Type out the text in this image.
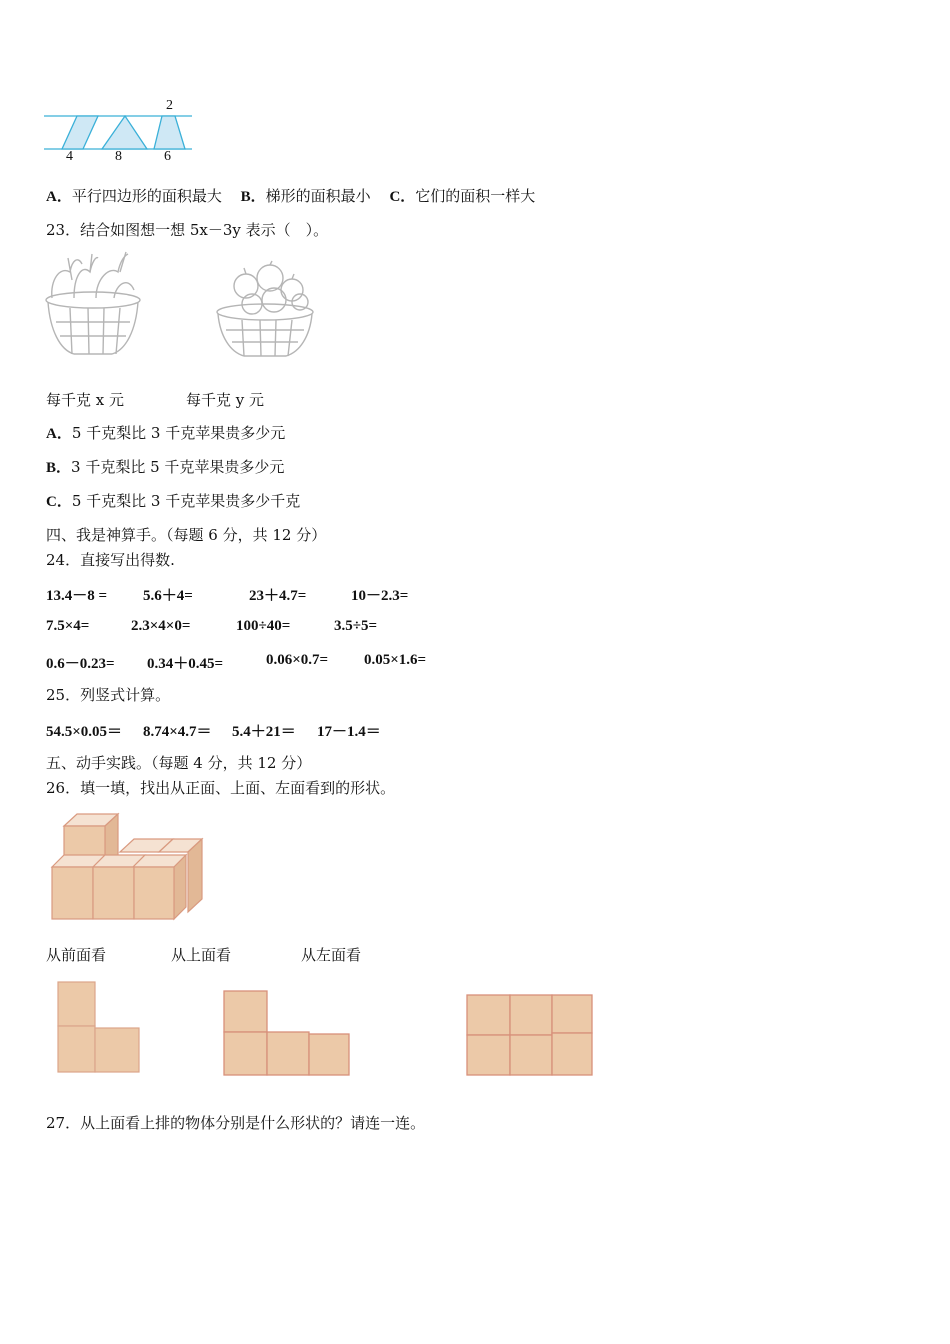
2
4	8	6
A．平行四边形的面积最大 B．梯形的面积最小 C．它们的面积一样大
23．结合如图想一想 5x－3y 表示（　）。
每千克 x 元	每千克 y 元
A．5 千克梨比 3 千克苹果贵多少元
B．3 千克梨比 5 千克苹果贵多少元
C．5 千克梨比 3 千克苹果贵多少千克
四、我是神算手。（每题 6 分，共 12 分）
24．直接写出得数.
13.4－8 = 5.6＋4=	23＋4.7=	10－2.3=
7.5×4=	2.3×4×0=	100÷40=	3.5÷5=
0.6－0.23= 0.34＋0.45=	0.06×0.7= 0.05×1.6=
25．列竖式计算。
54.5×0.05＝ 8.74×4.7＝ 5.4＋21＝ 17－1.4＝
五、动手实践。（每题 4 分，共 12 分）
26．填一填，找出从正面、上面、左面看到的形状。
从前面看	从上面看	从左面看
27．从上面看上排的物体分别是什么形状的？请连一连。
